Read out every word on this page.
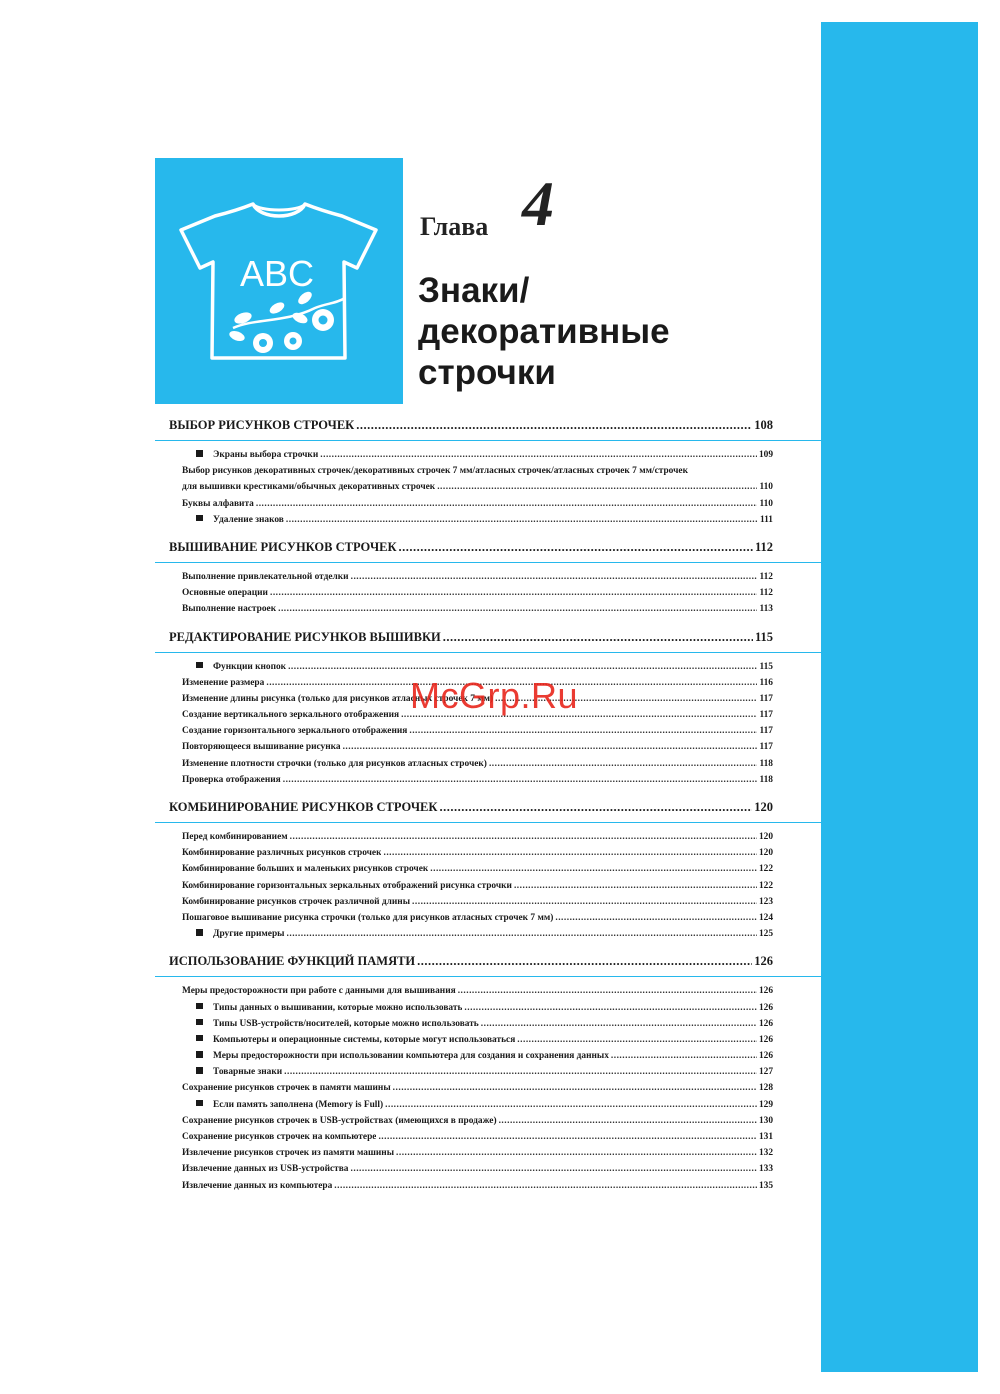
ABC
Глава 4
Знаки/
декоративные
строчки
ВЫБОР РИСУНКОВ СТРОЧЕК .....	108
Экраны выбора строчки .....	109
Выбор рисунков декоративных строчек/декоративных строчек 7 мм/атласных строчек/атласных строчек 7 мм/строчек
для вышивки крестиками/обычных декоративных строчек .....	110
Буквы алфавита .....	110
Удаление знаков .....	111
ВЫШИВАНИЕ РИСУНКОВ СТРОЧЕК .....	112
Выполнение привлекательной отделки .....	112
Основные операции .....	112
Выполнение настроек .....	113
РЕДАКТИРОВАНИЕ РИСУНКОВ ВЫШИВКИ .....	115
Функции кнопок .....	115
Изменение размера .....	116
Изменение длины рисунка (только для рисунков атласных строчек 7 мм) .....	117
Создание вертикального зеркального отображения .....	117
Создание горизонтального зеркального отображения .....	117
Повторяющееся вышивание рисунка .....	117
Изменение плотности строчки (только для рисунков атласных строчек) .....	118
Проверка отображения .....	118
КОМБИНИРОВАНИЕ РИСУНКОВ СТРОЧЕК .....	120
Перед комбинированием .....	120
Комбинирование различных рисунков строчек .....	120
Комбинирование больших и маленьких рисунков строчек .....	122
Комбинирование горизонтальных зеркальных отображений рисунка строчки .....	122
Комбинирование рисунков строчек различной длины .....	123
Пошаговое вышивание рисунка строчки (только для рисунков атласных строчек 7 мм) .....	124
Другие примеры .....	125
ИСПОЛЬЗОВАНИЕ ФУНКЦИЙ ПАМЯТИ .....	126
Меры предосторожности при работе с данными для вышивания .....	126
Типы данных о вышивании, которые можно использовать .....	126
Типы USB-устройств/носителей, которые можно использовать .....	126
Компьютеры и операционные системы, которые могут использоваться .....	126
Меры предосторожности при использовании компьютера для создания и сохранения данных .....	126
Товарные знаки .....	127
Сохранение рисунков строчек в памяти машины .....	128
Если память заполнена (Memory is Full) .....	129
Сохранение рисунков строчек в USB-устройствах (имеющихся в продаже) .....	130
Сохранение рисунков строчек на компьютере .....	131
Извлечение рисунков строчек из памяти машины .....	132
Извлечение данных из USB-устройства .....	133
Извлечение данных из компьютера .....	135
McGrp.Ru
